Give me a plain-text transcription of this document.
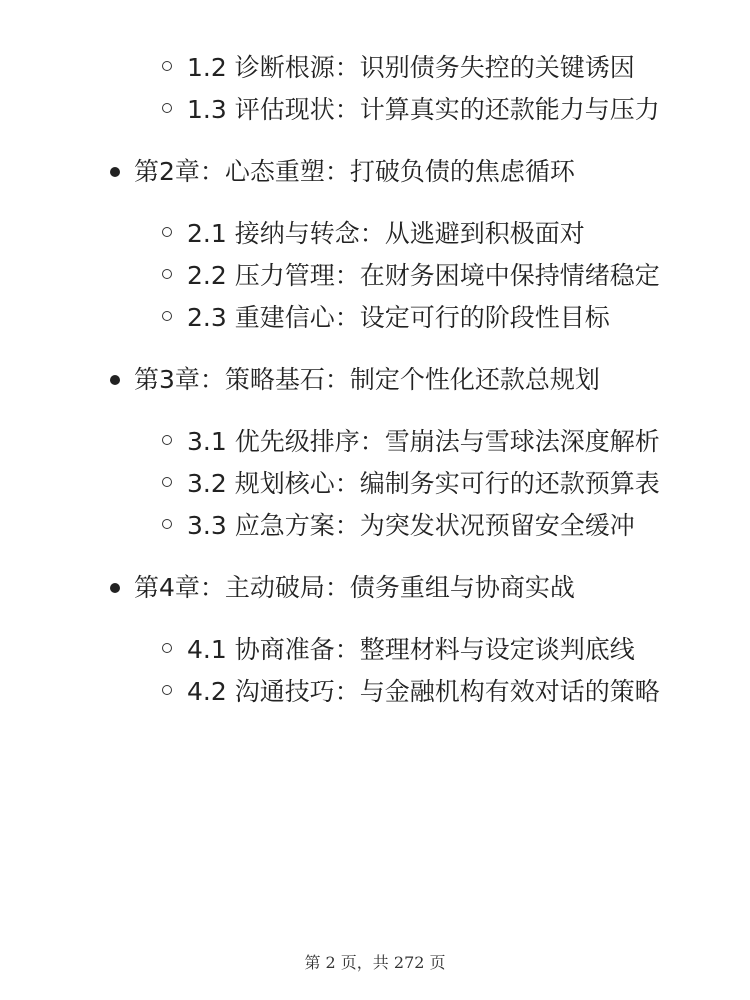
1.2 诊断根源：识别债务失控的关键诱因
1.3 评估现状：计算真实的还款能力与压力
第2章：心态重塑：打破负债的焦虑循环
2.1 接纳与转念：从逃避到积极面对
2.2 压力管理：在财务困境中保持情绪稳定
2.3 重建信心：设定可行的阶段性目标
第3章：策略基石：制定个性化还款总规划
3.1 优先级排序：雪崩法与雪球法深度解析
3.2 规划核心：编制务实可行的还款预算表
3.3 应急方案：为突发状况预留安全缓冲
第4章：主动破局：债务重组与协商实战
4.1 协商准备：整理材料与设定谈判底线
4.2 沟通技巧：与金融机构有效对话的策略
第 2 页，共 272 页
